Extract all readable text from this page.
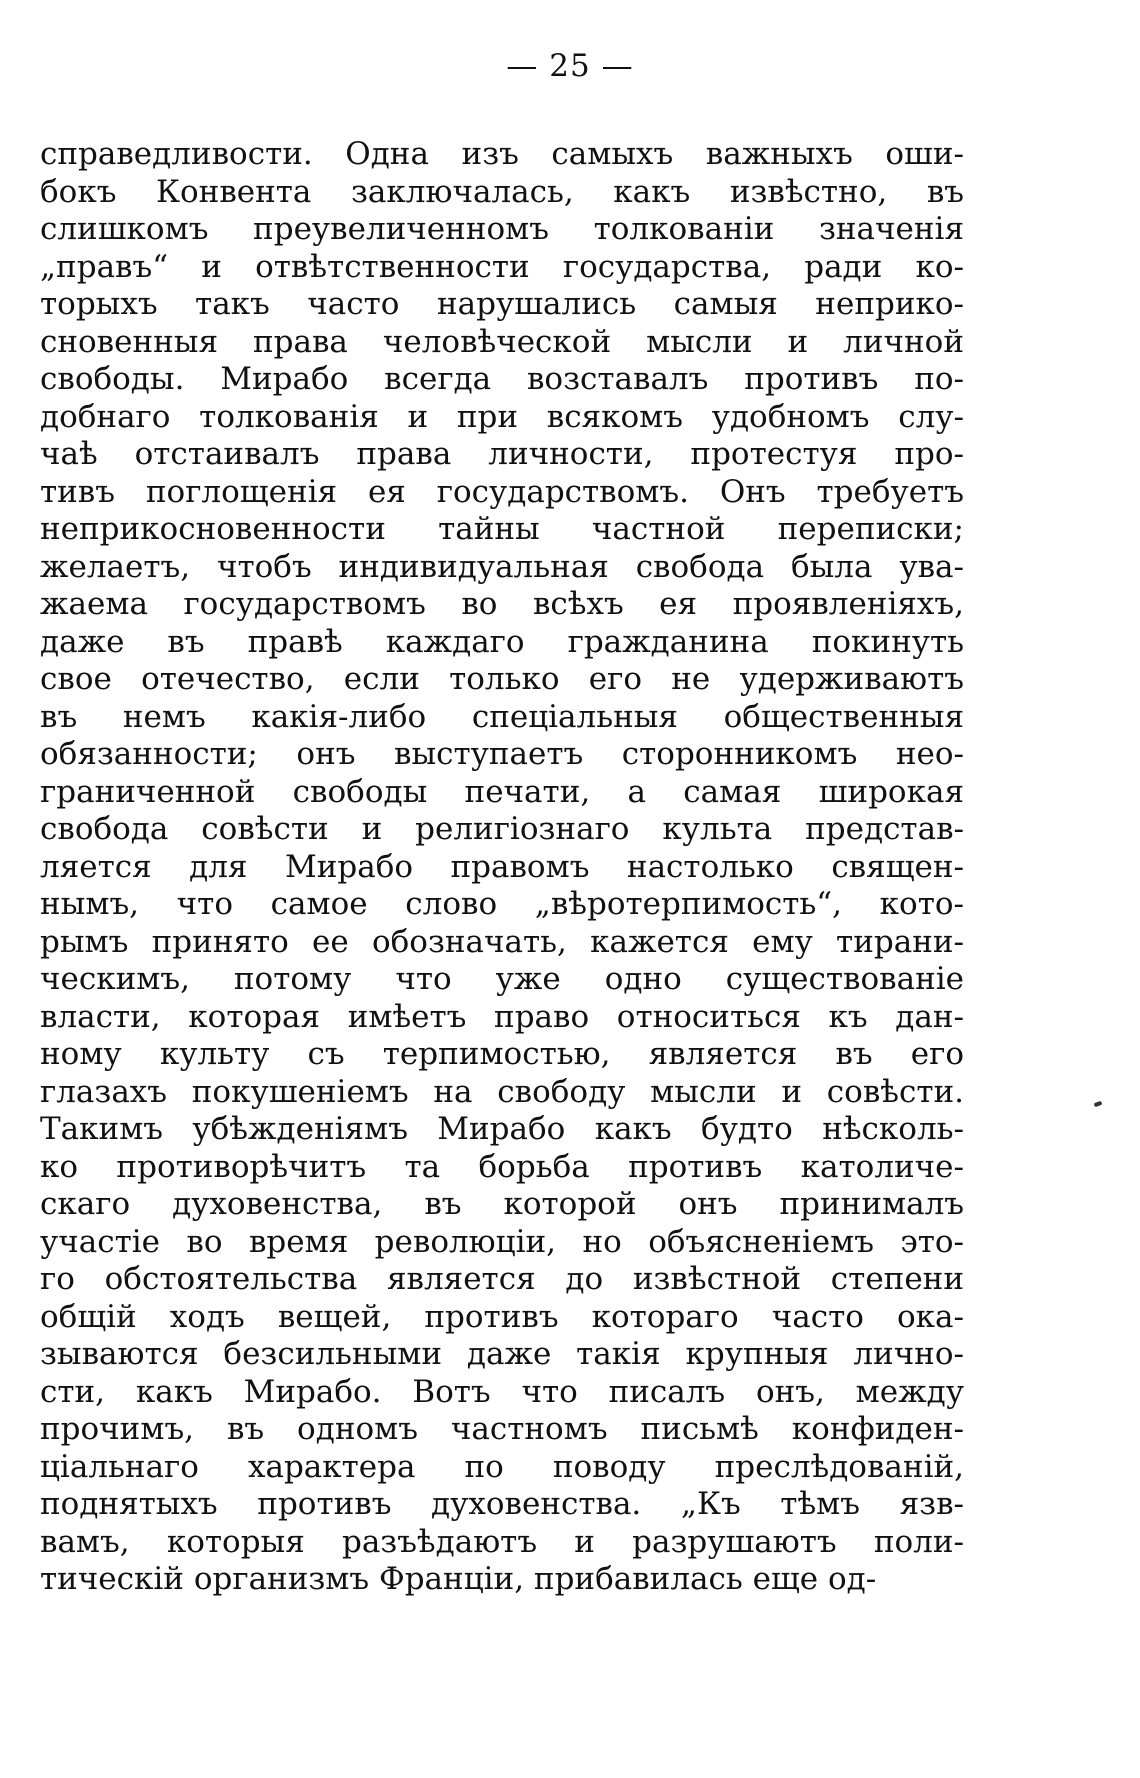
— 25 —
справедливости. Одна изъ самыхъ важныхъ оши-
бокъ Конвента заключалась, какъ извѣстно, въ
слишкомъ преувеличенномъ толкованіи значенія
„правъ“ и отвѣтственности государства, ради ко-
торыхъ такъ часто нарушались самыя неприко-
сновенныя права человѣческой мысли и личной
свободы. Мирабо всегда возставалъ противъ по-
добнаго толкованія и при всякомъ удобномъ слу-
чаѣ отстаивалъ права личности, протестуя про-
тивъ поглощенія ея государствомъ. Онъ требуетъ
неприкосновенности тайны частной переписки;
желаетъ, чтобъ индивидуальная свобода была ува-
жаема государствомъ во всѣхъ ея проявленіяхъ,
даже въ правѣ каждаго гражданина покинуть
свое отечество, если только его не удерживаютъ
въ немъ какія-либо спеціальныя общественныя
обязанности; онъ выступаетъ сторонникомъ нео-
граниченной свободы печати, а самая широкая
свобода совѣсти и религіознаго культа представ-
ляется для Мирабо правомъ настолько священ-
нымъ, что самое слово „вѣротерпимость“, кото-
рымъ принято ее обозначать, кажется ему тирани-
ческимъ, потому что уже одно существованіе
власти, которая имѣетъ право относиться къ дан-
ному культу съ терпимостью, является въ его
глазахъ покушеніемъ на свободу мысли и совѣсти.
Такимъ убѣжденіямъ Мирабо какъ будто нѣсколь-
ко противорѣчитъ та борьба противъ католиче-
скаго духовенства, въ которой онъ принималъ
участіе во время революціи, но объясненіемъ это-
го обстоятельства является до извѣстной степени
общій ходъ вещей, противъ котораго часто ока-
зываются безсильными даже такія крупныя лично-
сти, какъ Мирабо. Вотъ что писалъ онъ, между
прочимъ, въ одномъ частномъ письмѣ конфиден-
ціальнаго характера по поводу преслѣдованій,
поднятыхъ противъ духовенства. „Къ тѣмъ язв-
вамъ, которыя разъѣдаютъ и разрушаютъ поли-
тическій организмъ Франціи, прибавилась еще од-
